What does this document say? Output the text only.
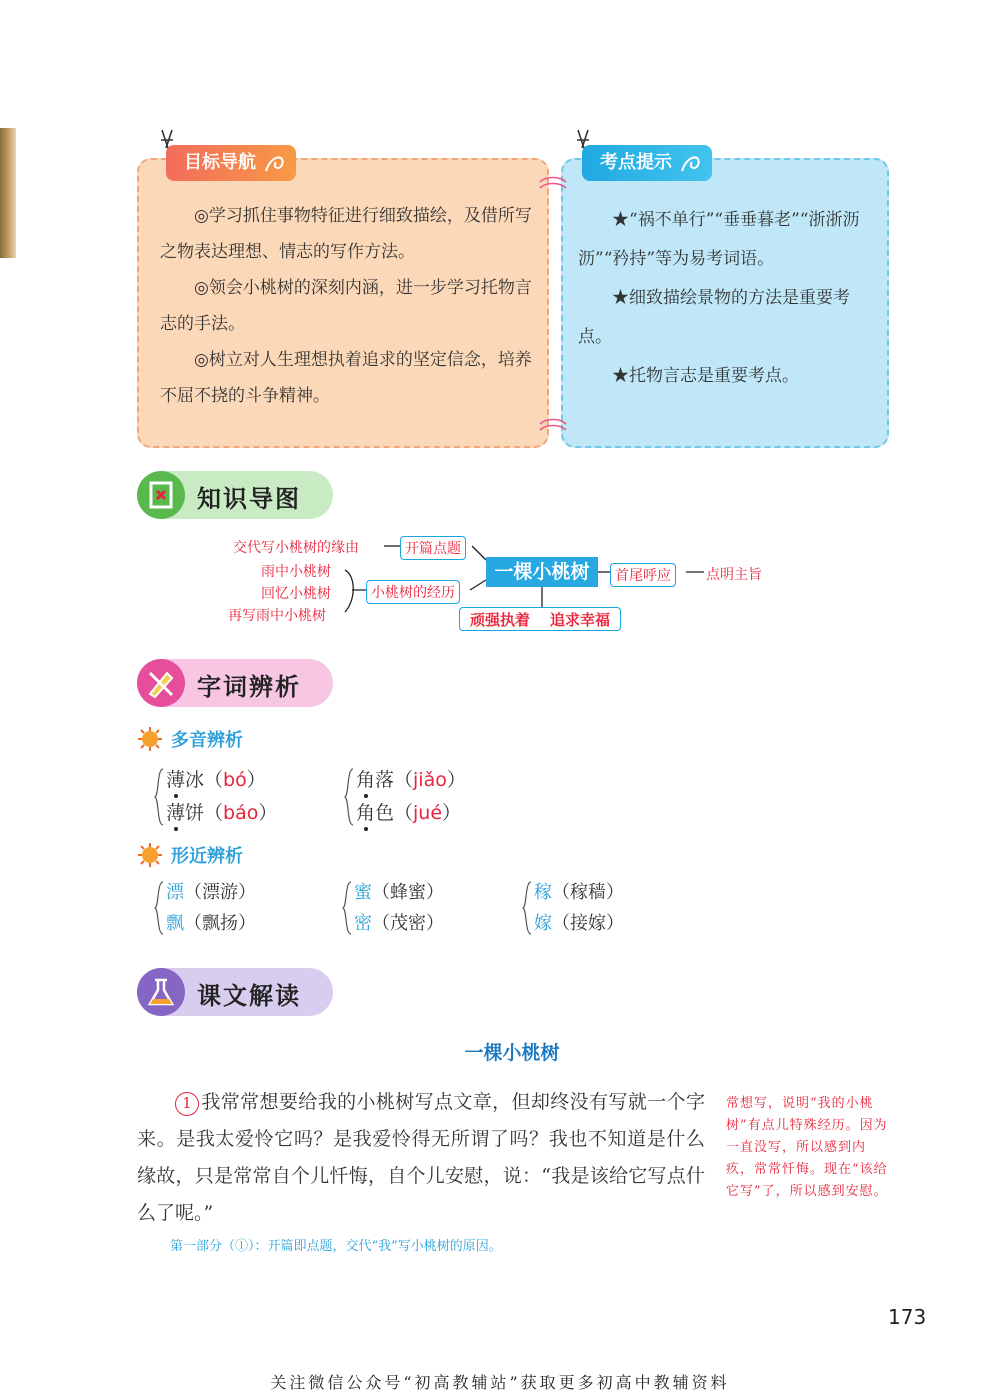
目标导航

◎学习抓住事物特征进行细致描绘，及借所写之物表达理想、情志的写作方法。

◎领会小桃树的深刻内涵，进一步学习托物言志的手法。

◎树立对人生理想执着追求的坚定信念，培养不屈不挠的斗争精神。

考点提示

★“祸不单行”“垂垂暮老”“浙浙沥沥”“矜持”等为易考词语。

★细致描绘景物的方法是重要考点。

★托物言志是重要考点。

知识导图
交代写小桃树的缘由	开篇点题
雨中小桃树
回忆小桃树
再写雨中小桃树
小桃树的经历
一棵小桃树	首尾呼应	点明主旨
顽强执着 追求幸福
字词辨析
多音辨析
薄冰（bó）
薄饼（báo）
角落（jiǎo）
角色（jué）
形近辨析
漂（漂游）
飘（飘扬）
蜜（蜂蜜）
密（茂密）
稼（稼穑）
嫁（接嫁）
课文解读
一棵小桃树
1 我常常想要给我的小桃树写点文章，但却终没有写就一个字来。是我太爱怜它吗？是我爱怜得无所谓了吗？我也不知道是什么缘故，只是常常自个儿忏悔，自个儿安慰，说：“我是该给它写点什么了呢。”
第一部分（①）：开篇即点题，交代“我”写小桃树的原因。
常想写，说明“我的小桃树”有点儿特殊经历。因为一直没写，所以感到内疚，常常忏悔。现在“该给它写”了，所以感到安慰。
173
关注微信公众号“初高教辅站”获取更多初高中教辅资料
